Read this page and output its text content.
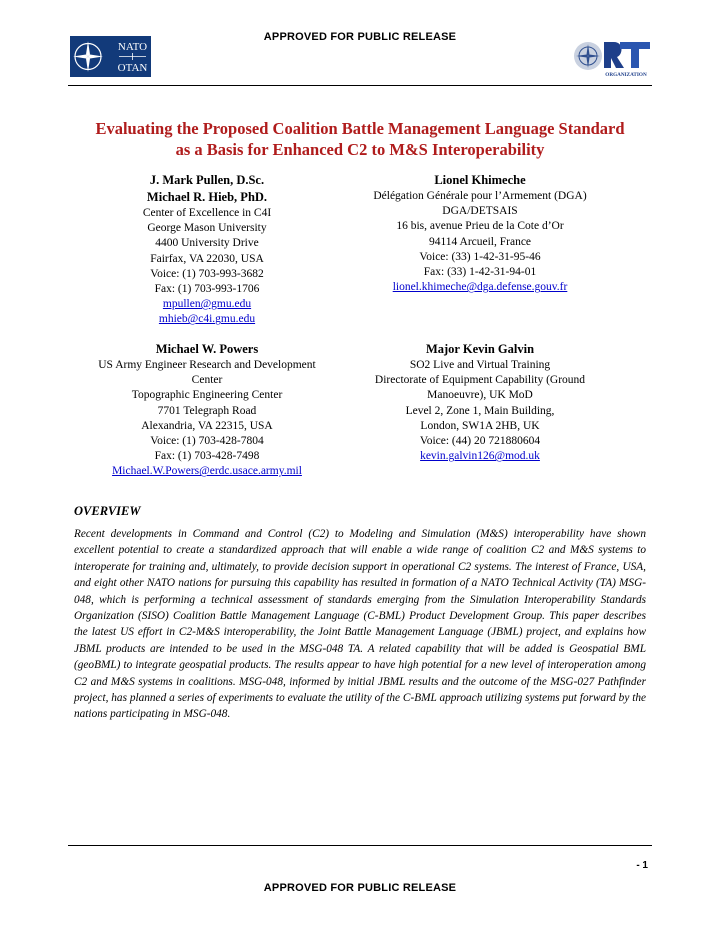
APPROVED FOR PUBLIC RELEASE
NATO
OTAN
ORGANIZATION
Evaluating the Proposed Coalition Battle Management Language Standard
as a Basis for Enhanced C2 to M&S Interoperability
J. Mark Pullen, D.Sc.
Michael R. Hieb, PhD.
Center of Excellence in C4I
George Mason University
4400 University Drive
Fairfax, VA 22030, USA
Voice: (1) 703-993-3682
Fax: (1) 703-993-1706
mpullen@gmu.edu
mhieb@c4i.gmu.edu
Lionel Khimeche
Délégation Générale pour l’Armement (DGA)
DGA/DETSAIS
16 bis, avenue Prieu de la Cote d’Or
94114 Arcueil, France
Voice: (33) 1-42-31-95-46
Fax: (33) 1-42-31-94-01
lionel.khimeche@dga.defense.gouv.fr
Michael W. Powers
US Army Engineer Research and Development
Center
Topographic Engineering Center
7701 Telegraph Road
Alexandria, VA 22315, USA
Voice: (1) 703-428-7804
Fax: (1) 703-428-7498
Michael.W.Powers@erdc.usace.army.mil
Major Kevin Galvin
SO2 Live and Virtual Training
Directorate of Equipment Capability (Ground
Manoeuvre), UK MoD
Level 2, Zone 1, Main Building,
London, SW1A 2HB, UK
Voice: (44) 20 721880604
kevin.galvin126@mod.uk
OVERVIEW
Recent developments in Command and Control (C2) to Modeling and Simulation (M&S) interoperability have shown excellent potential to create a standardized approach that will enable a wide range of coalition C2 and M&S systems to interoperate for training and, ultimately, to provide decision support in operational C2 systems. The interest of France, USA, and eight other NATO nations for pursuing this capability has resulted in formation of a NATO Technical Activity (TA) MSG-048, which is performing a technical assessment of standards emerging from the Simulation Interoperability Standards Organization (SISO) Coalition Battle Management Language (C-BML) Product Development Group. This paper describes the latest US effort in C2-M&S interoperability, the Joint Battle Management Language (JBML) project, and explains how JBML products are intended to be used in the MSG-048 TA. A related capability that will be added is Geospatial BML (geoBML) to integrate geospatial products. The results appear to have high potential for a new level of interoperation among C2 and M&S systems in coalitions. MSG-048, informed by initial JBML results and the outcome of the MSG-027 Pathfinder project, has planned a series of experiments to evaluate the utility of the C-BML approach utilizing systems put forward by the nations participating in MSG-048.
- 1
APPROVED FOR PUBLIC RELEASE
